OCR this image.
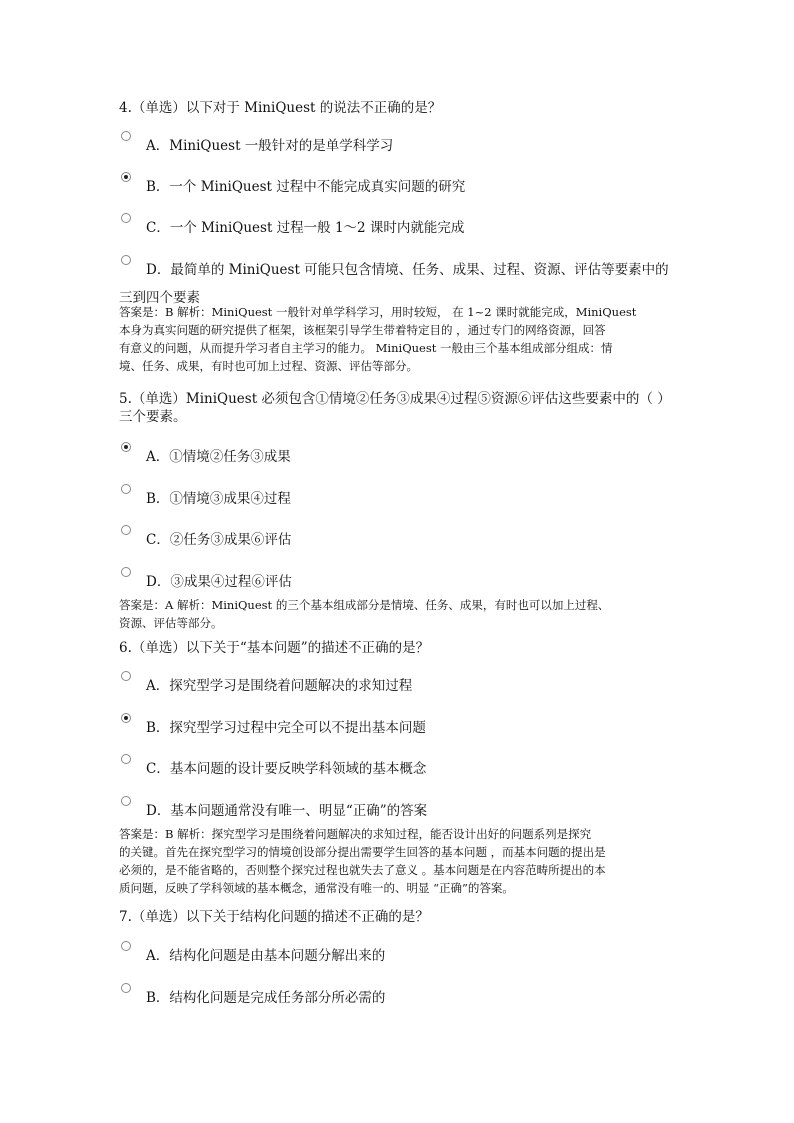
4.（单选）以下对于 MiniQuest 的说法不正确的是？
A．MiniQuest 一般针对的是单学科学习
B．一个 MiniQuest 过程中不能完成真实问题的研究
C．一个 MiniQuest 过程一般 1～2 课时内就能完成
D．最简单的 MiniQuest 可能只包含情境、任务、成果、过程、资源、评估等要素中的
三到四个要素
答案是：B 解析：MiniQuest 一般针对单学科学习，用时较短， 在 1~2 课时就能完成，MiniQuest
本身为真实问题的研究提供了框架，该框架引导学生带着特定目的 ，通过专门的网络资源，回答
有意义的问题，从而提升学习者自主学习的能力。 MiniQuest 一般由三个基本组成部分组成：情
境、任务、成果，有时也可加上过程、资源、评估等部分。
5.（单选）MiniQuest 必须包含①情境②任务③成果④过程⑤资源⑥评估这些要素中的（ ）
三个要素。
A．①情境②任务③成果
B．①情境③成果④过程
C．②任务③成果⑥评估
D．③成果④过程⑥评估
答案是：A 解析：MiniQuest 的三个基本组成部分是情境、任务、成果，有时也可以加上过程、
资源、评估等部分。
6.（单选）以下关于“基本问题”的描述不正确的是？
A．探究型学习是围绕着问题解决的求知过程
B．探究型学习过程中完全可以不提出基本问题
C．基本问题的设计要反映学科领域的基本概念
D．基本问题通常没有唯一、明显“正确”的答案
答案是：B 解析：探究型学习是围绕着问题解决的求知过程，能否设计出好的问题系列是探究
的关键。首先在探究型学习的情境创设部分提出需要学生回答的基本问题 ，而基本问题的提出是
必须的，是不能省略的，否则整个探究过程也就失去了意义 。基本问题是在内容范畴所提出的本
质问题，反映了学科领域的基本概念，通常没有唯一的、明显 “正确”的答案。
7.（单选）以下关于结构化问题的描述不正确的是？
A．结构化问题是由基本问题分解出来的
B．结构化问题是完成任务部分所必需的
